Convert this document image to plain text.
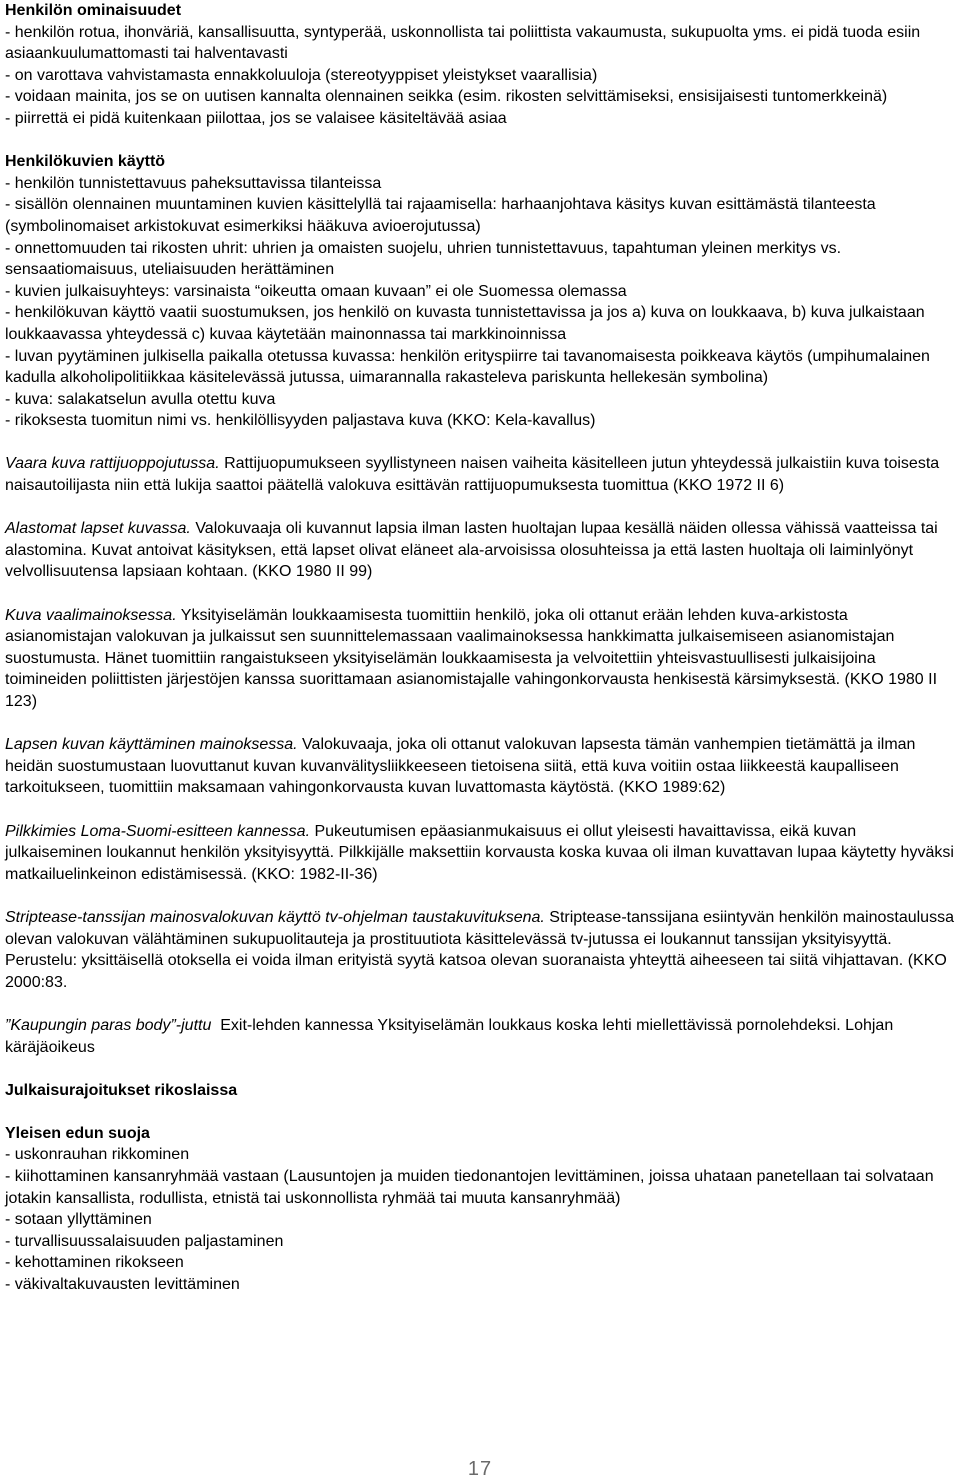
Henkilön ominaisuudet
- henkilön rotua, ihonväriä, kansallisuutta, syntyperää, uskonnollista tai poliittista vakaumusta, sukupuolta yms. ei pidä tuoda esiin asiaankuulumattomasti tai halventavasti
- on varottava vahvistamasta ennakkoluuloja (stereotyyppiset yleistykset vaarallisia)
- voidaan mainita, jos se on uutisen kannalta olennainen seikka (esim. rikosten selvittämiseksi, ensisijaisesti tuntomerkkeinä)
- piirrettä ei pidä kuitenkaan piilottaa, jos se valaisee käsiteltävää asiaa
Henkilökuvien käyttö
- henkilön tunnistettavuus paheksuttavissa tilanteissa
- sisällön olennainen muuntaminen kuvien käsittelyllä tai rajaamisella: harhaanjohtava käsitys kuvan esittämästä tilanteesta (symbolinomaiset arkistokuvat esimerkiksi hääkuva avioerojutussa)
- onnettomuuden tai rikosten uhrit: uhrien ja omaisten suojelu, uhrien tunnistettavuus, tapahtuman yleinen merkitys vs. sensaatiomaisuus, uteliaisuuden herättäminen
- kuvien julkaisuyhteys: varsinaista “oikeutta omaan kuvaan” ei ole Suomessa olemassa
- henkilökuvan käyttö vaatii suostumuksen, jos henkilö on kuvasta tunnistettavissa ja jos a) kuva on loukkaava, b) kuva julkaistaan loukkaavassa yhteydessä c) kuvaa käytetään mainonnassa tai markkinoinnissa
- luvan pyytäminen julkisella paikalla otetussa kuvassa: henkilön erityspiirre tai tavanomaisesta poikkeava käytös (umpihumalainen kadulla alkoholipolitiikkaa käsitelevässä jutussa, uimarannalla rakasteleva pariskunta hellekesän symbolina)
- kuva: salakatselun avulla otettu kuva
- rikoksesta tuomitun nimi vs. henkilöllisyyden paljastava kuva (KKO: Kela-kavallus)

Vaara kuva rattijuoppojutussa. Rattijuopumukseen syyllistyneen naisen vaiheita käsitelleen jutun yhteydessä julkaistiin kuva toisesta naisautoilijasta niin että lukija saattoi päätellä valokuva esittävän rattijuopumuksesta tuomittua (KKO 1972 II 6)

Alastomat lapset kuvassa. Valokuvaaja oli kuvannut lapsia ilman lasten huoltajan lupaa kesällä näiden ollessa vähissä vaatteissa tai alastomina. Kuvat antoivat käsityksen, että lapset olivat eläneet ala-arvoisissa olosuhteissa ja että lasten huoltaja oli laiminlyönyt velvollisuutensa lapsiaan kohtaan. (KKO 1980 II 99)

Kuva vaalimainoksessa. Yksityiselämän loukkaamisesta tuomittiin henkilö, joka oli ottanut erään lehden kuva-arkistosta asianomistajan valokuvan ja julkaissut sen suunnittelemassaan vaalimainoksessa hankkimatta julkaisemiseen asianomistajan suostumusta. Hänet tuomittiin rangaistukseen yksityiselämän loukkaamisesta ja velvoitettiin yhteisvastuullisesti julkaisijoina toimineiden poliittisten järjestöjen kanssa suorittamaan asianomistajalle vahingonkorvausta henkisestä kärsimyksestä. (KKO 1980 II 123)

Lapsen kuvan käyttäminen mainoksessa. Valokuvaaja, joka oli ottanut valokuvan lapsesta tämän vanhempien tietämättä ja ilman heidän suostumustaan luovuttanut kuvan kuvanvälitysliikkeeseen tietoisena siitä, että kuva voitiin ostaa liikkeestä kaupalliseen tarkoitukseen, tuomittiin maksamaan vahingonkorvausta kuvan luvattomasta käytöstä. (KKO 1989:62)

Pilkkimies Loma-Suomi-esitteen kannessa. Pukeutumisen epäasianmukaisuus ei ollut yleisesti havaittavissa, eikä kuvan julkaiseminen loukannut henkilön yksityisyyttä. Pilkkijälle maksettiin korvausta koska kuvaa oli ilman kuvattavan lupaa käytetty hyväksi matkailuelinkeinon edistämisessä. (KKO: 1982-II-36)

Striptease-tanssijan mainosvalokuvan käyttö tv-ohjelman taustakuvituksena. Striptease-tanssijana esiintyvän henkilön mainostaulussa olevan valokuvan välähtäminen sukupuolitauteja ja prostituutiota käsittelevässä tv-jutussa ei loukannut tanssijan yksityisyyttä. Perustelu: yksittäisellä otoksella ei voida ilman erityistä syytä katsoa olevan suoranaista yhteyttä aiheeseen tai siitä vihjattavan. (KKO 2000:83.

”Kaupungin paras body”-juttu  Exit-lehden kannessa Yksityiselämän loukkaus koska lehti miellettävissä pornolehdeksi. Lohjan käräjäoikeus

Julkaisurajoitukset rikoslaissa
Yleisen edun suoja
- uskonrauhan rikkominen
- kiihottaminen kansanryhmää vastaan (Lausuntojen ja muiden tiedonantojen levittäminen, joissa uhataan panetellaan tai solvataan jotakin kansallista, rodullista, etnistä tai uskonnollista ryhmää tai muuta kansanryhmää)
- sotaan yllyttäminen
- turvallisuussalaisuuden paljastaminen
- kehottaminen rikokseen
- väkivaltakuvausten levittäminen
17
